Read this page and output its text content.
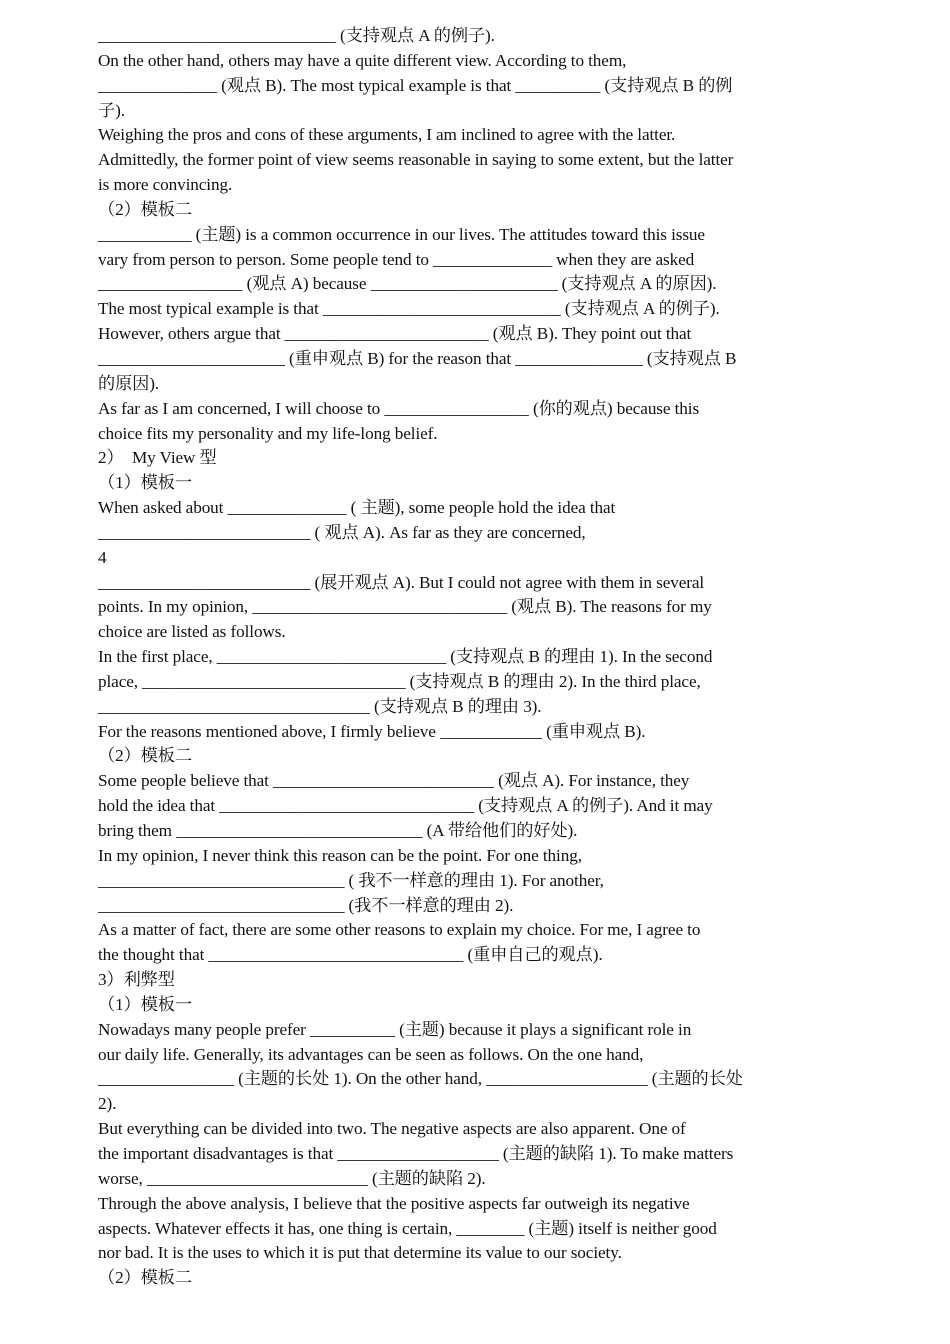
____________________________ (支持观点 A 的例子).
On the other hand, others may have a quite different view. According to them,
______________ (观点 B). The most typical example is that __________ (支持观点 B 的例
子).
Weighing the pros and cons of these arguments, I am inclined to agree with the latter.
Admittedly, the former point of view seems reasonable in saying to some extent, but the latter
is more convincing.
（2）模板二
___________ (主题) is a common occurrence in our lives. The attitudes toward this issue
vary from person to person. Some people tend to ______________ when they are asked
_________________ (观点 A) because ______________________ (支持观点 A 的原因).
The most typical example is that ____________________________ (支持观点 A 的例子).
However, others argue that ________________________ (观点 B). They point out that
______________________ (重申观点 B) for the reason that _______________ (支持观点 B
的原因).
As far as I am concerned, I will choose to _________________ (你的观点) because this
choice fits my personality and my life-long belief.
2）  My View 型
（1）模板一
When asked about ______________ ( 主题), some people hold the idea that
_________________________ ( 观点 A). As far as they are concerned,
4
_________________________ (展开观点 A). But I could not agree with them in several
points. In my opinion, ______________________________ (观点 B). The reasons for my
choice are listed as follows.
In the first place, ___________________________ (支持观点 B 的理由 1). In the second
place, _______________________________ (支持观点 B 的理由 2). In the third place,
________________________________ (支持观点 B 的理由 3).
For the reasons mentioned above, I firmly believe ____________ (重申观点 B).
（2）模板二
Some people believe that __________________________ (观点 A). For instance, they
hold the idea that ______________________________ (支持观点 A 的例子). And it may
bring them _____________________________ (A 带给他们的好处).
In my opinion, I never think this reason can be the point. For one thing,
_____________________________ ( 我不一样意的理由 1). For another,
_____________________________ (我不一样意的理由 2).
As a matter of fact, there are some other reasons to explain my choice. For me, I agree to
the thought that ______________________________ (重申自己的观点).
3）利弊型
（1）模板一
Nowadays many people prefer __________ (主题) because it plays a significant role in
our daily life. Generally, its advantages can be seen as follows. On the one hand,
________________ (主题的长处 1). On the other hand, ___________________ (主题的长处
2).
But everything can be divided into two. The negative aspects are also apparent. One of
the important disadvantages is that ___________________ (主题的缺陷 1). To make matters
worse, __________________________ (主题的缺陷 2).
Through the above analysis, I believe that the positive aspects far outweigh its negative
aspects. Whatever effects it has, one thing is certain, ________ (主题) itself is neither good
nor bad. It is the uses to which it is put that determine its value to our society.
（2）模板二
